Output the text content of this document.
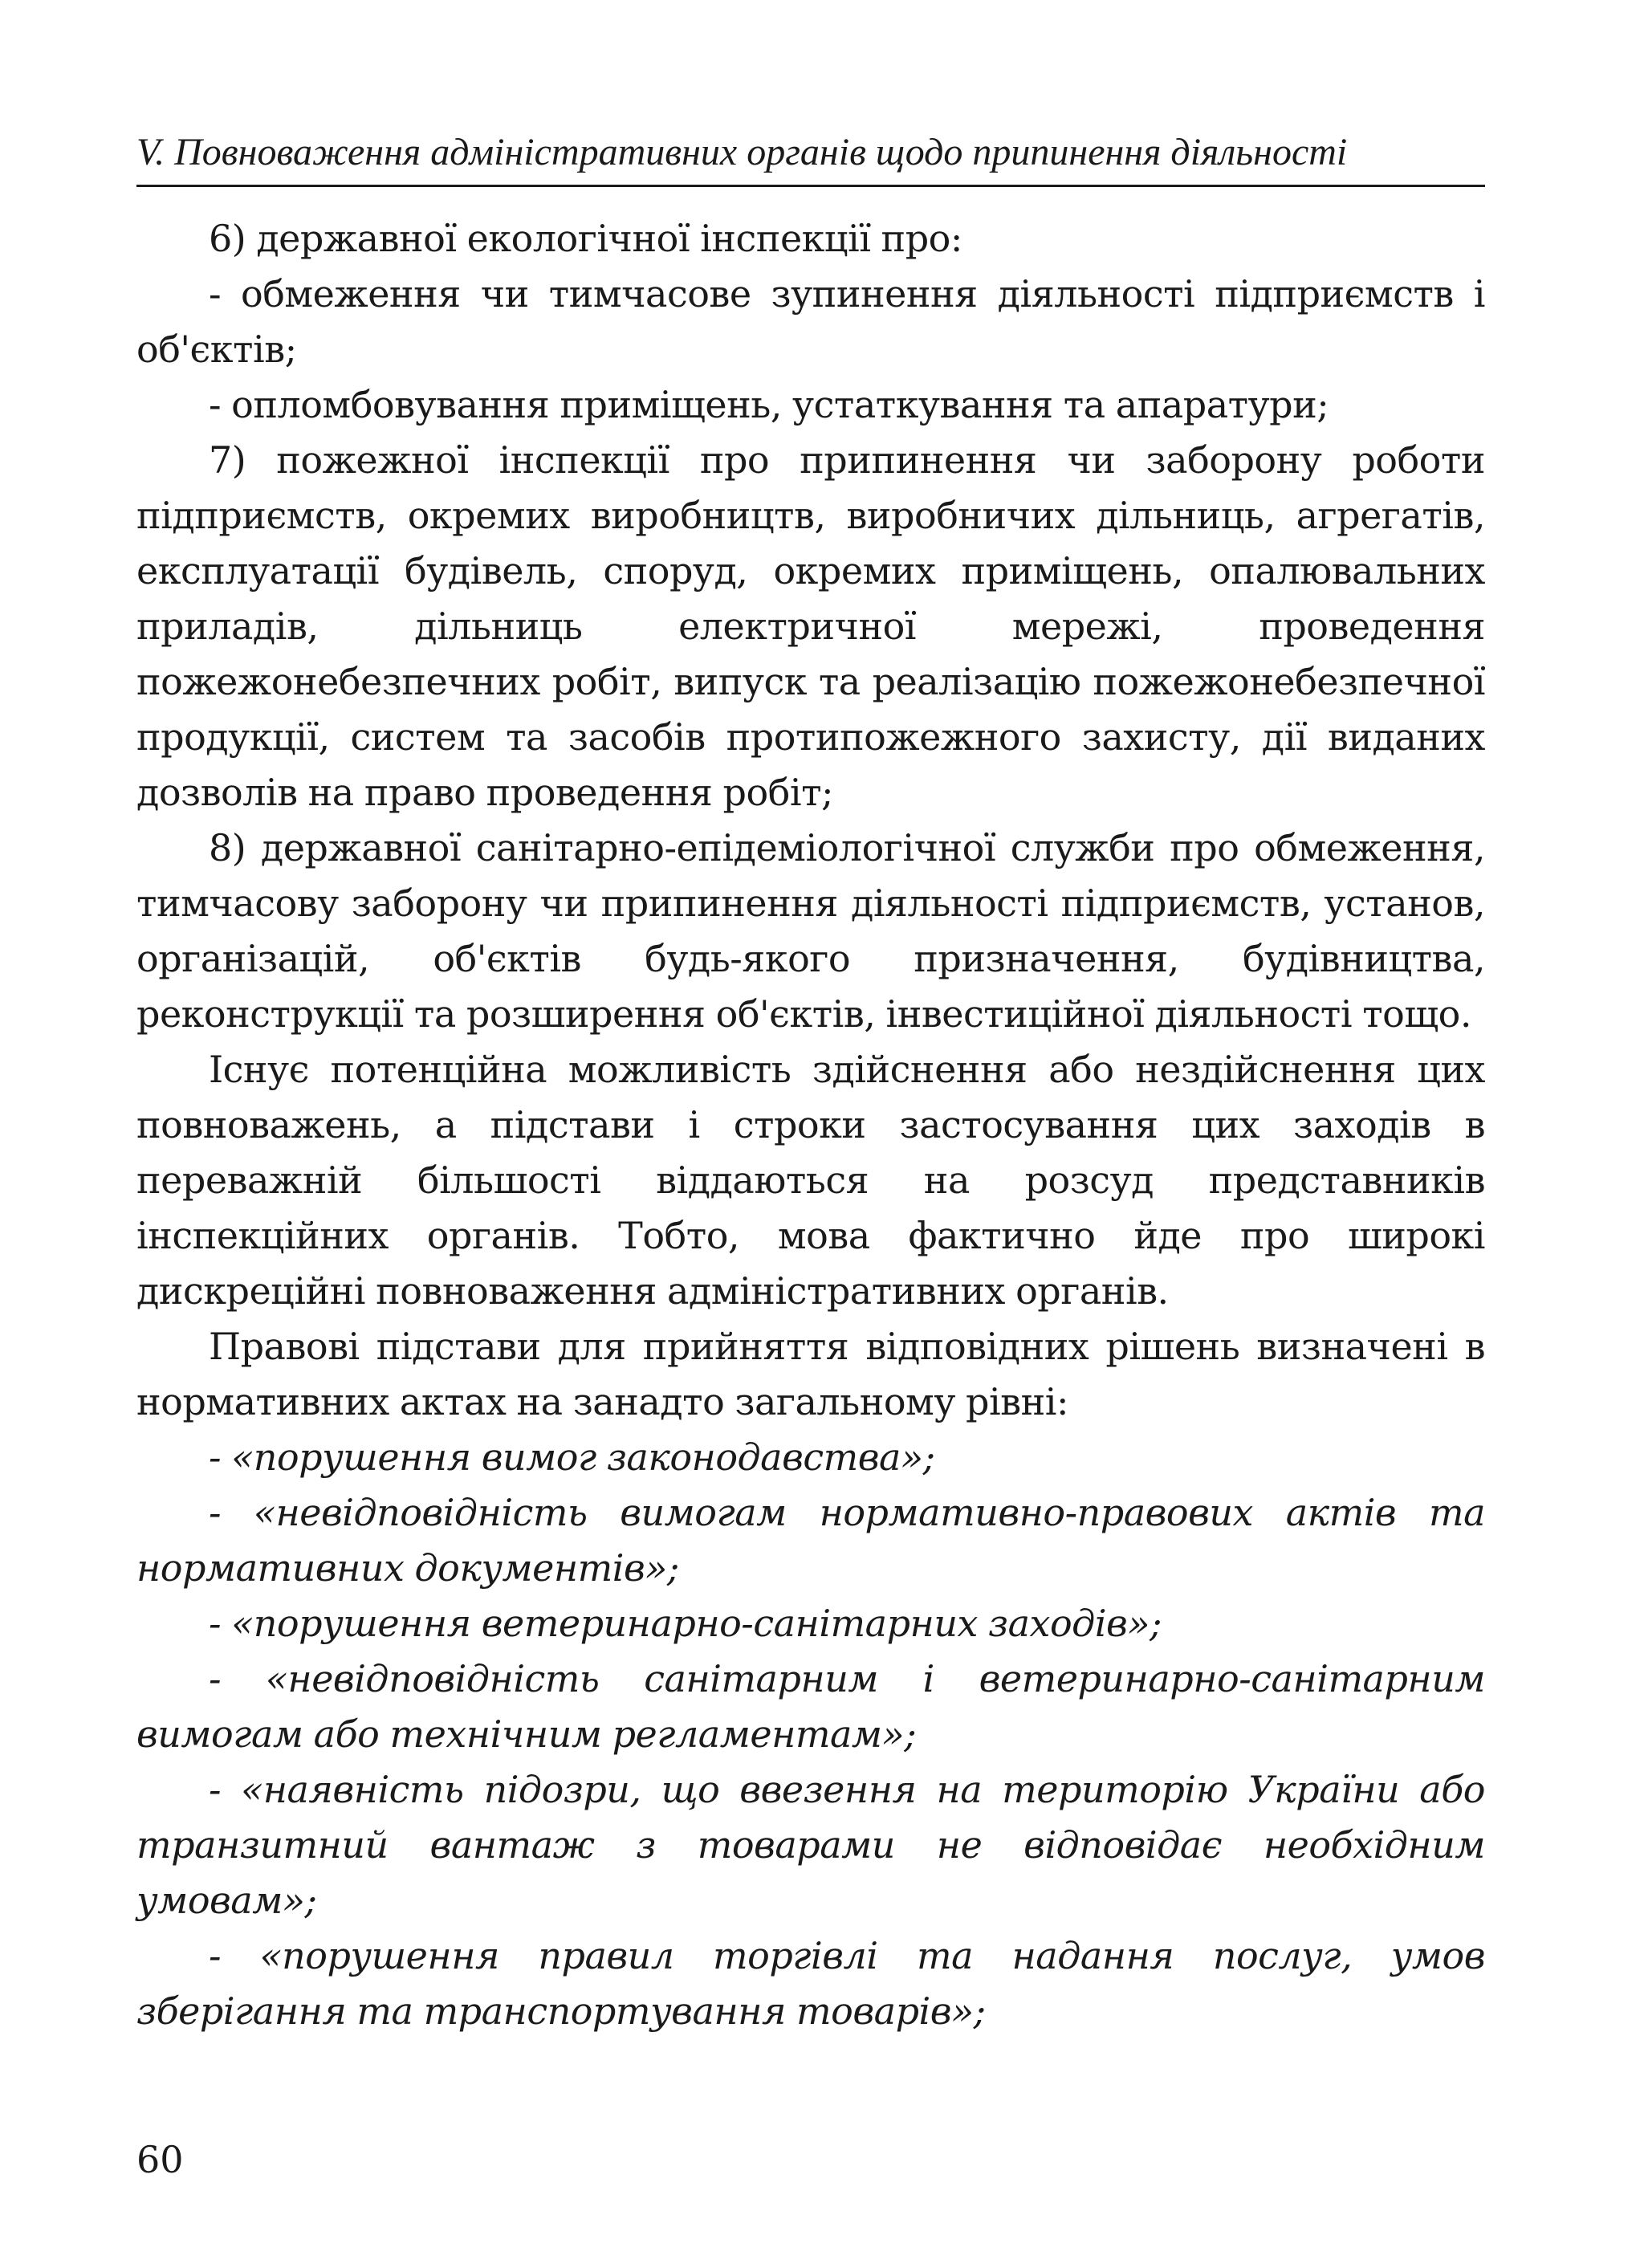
V. Повноваження адміністративних органів щодо припинення діяльності

6) державної екологічної інспекції про:

- обмеження чи тимчасове зупинення діяльності підприємств і об'єктів;

- опломбовування приміщень, устаткування та апаратури;

7) пожежної інспекції про припинення чи заборону роботи підприємств, окремих виробництв, виробничих дільниць, агрегатів, експлуатації будівель, споруд, окремих приміщень, опалювальних приладів, дільниць електричної мережі, проведення пожежонебезпечних робіт, випуск та реалізацію пожежонебезпечної продукції, систем та засобів протипожежного захисту, дії виданих дозволів на право проведення робіт;

8) державної санітарно-епідеміологічної служби про обмеження, тимчасову заборону чи припинення діяльності підприємств, установ, організацій, об'єктів будь-якого призначення, будівництва, реконструкції та розширення об'єктів, інвестиційної діяльності тощо.

Існує потенційна можливість здійснення або нездійснення цих повноважень, а підстави і строки застосування цих заходів в переважній більшості віддаються на розсуд представників інспекційних органів. Тобто, мова фактично йде про широкі дискреційні повноваження адміністративних органів.

Правові підстави для прийняття відповідних рішень визначені в нормативних актах на занадто загальному рівні:

- «порушення вимог законодавства»;

- «невідповідність вимогам нормативно-правових актів та нормативних документів»;

- «порушення ветеринарно-санітарних заходів»;

- «невідповідність санітарним і ветеринарно-санітарним вимогам або технічним регламентам»;

- «наявність підозри, що ввезення на територію України або транзитний вантаж з товарами не відповідає необхідним умовам»;

- «порушення правил торгівлі та надання послуг, умов зберігання та транспортування товарів»;

60
